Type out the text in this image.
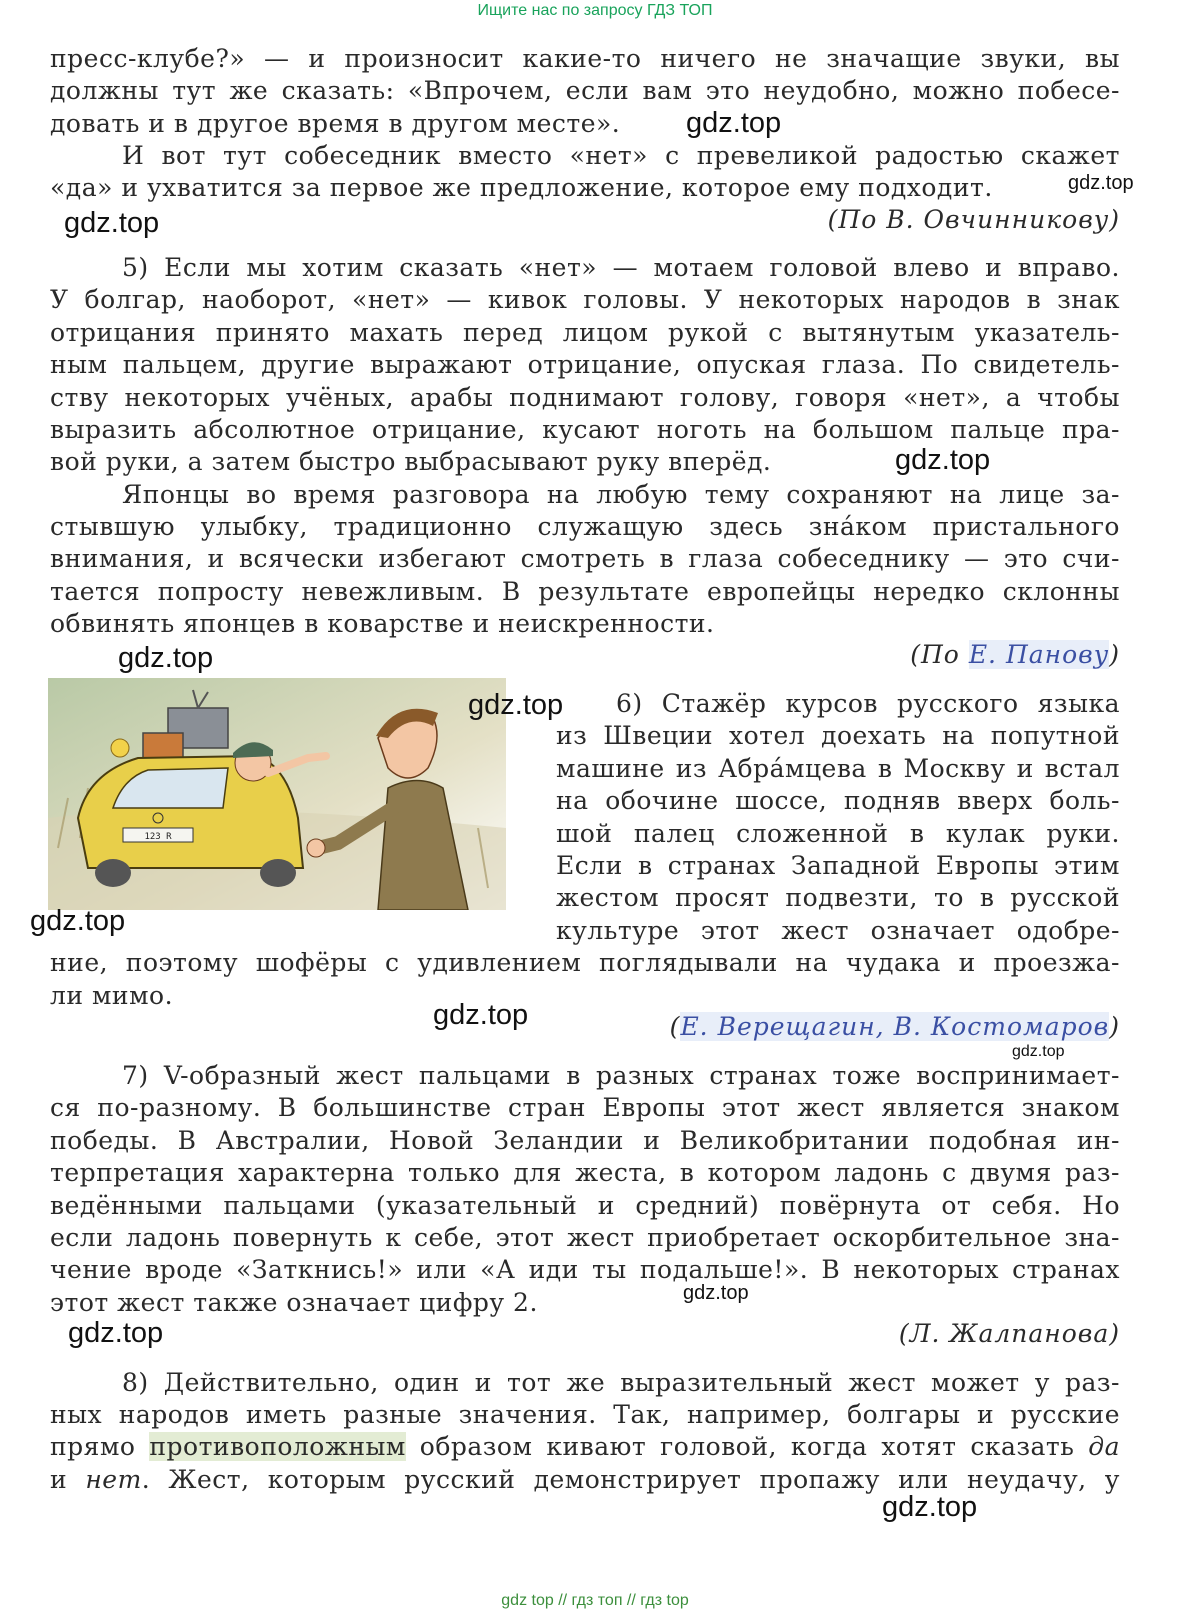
Ищите нас по запросу ГДЗ ТОП
пресс-клубе?» — и произносит какие-то ничего не значащие звуки, вы
должны тут же сказать: «Впрочем, если вам это неудобно, можно побесе-
довать и в другое время в другом месте».
И вот тут собеседник вместо «нет» с превеликой радостью скажет
«да» и ухватится за первое же предложение, которое ему подходит.
(По В. Овчинникову)
5) Если мы хотим сказать «нет» — мотаем головой влево и вправо.
У болгар, наоборот, «нет» — кивок головы. У некоторых народов в знак
отрицания принято махать перед лицом рукой с вытянутым указатель-
ным пальцем, другие выражают отрицание, опуская глаза. По свидетель-
ству некоторых учёных, арабы поднимают голову, говоря «нет», а чтобы
выразить абсолютное отрицание, кусают ноготь на большом пальце пра-
вой руки, а затем быстро выбрасывают руку вперёд.
Японцы во время разговора на любую тему сохраняют на лице за-
стывшую улыбку, традиционно служащую здесь зна́ком пристального
внимания, и всячески избегают смотреть в глаза собеседнику — это счи-
тается попросту невежливым. В результате европейцы нередко склонны
обвинять японцев в коварстве и неискренности.
(По Е. Панову)
123 R
6) Стажёр курсов русского языка
из Швеции хотел доехать на попутной
машине из Абра́мцева в Москву и встал
на обочине шоссе, подняв вверх боль-
шой палец сложенной в кулак руки.
Если в странах Западной Европы этим
жестом просят подвезти, то в русской
культуре этот жест означает одобре-
ние, поэтому шофёры с удивлением поглядывали на чудака и проезжа-
ли мимо.
(Е. Верещагин, В. Костомаров)
7) V-образный жест пальцами в разных странах тоже воспринимает-
ся по-разному. В большинстве стран Европы этот жест является знаком
победы. В Австралии, Новой Зеландии и Великобритании подобная ин-
терпретация характерна только для жеста, в котором ладонь с двумя раз-
ведёнными пальцами (указательный и средний) повёрнута от себя. Но
если ладонь повернуть к себе, этот жест приобретает оскорбительное зна-
чение вроде «Заткнись!» или «А иди ты подальше!». В некоторых странах
этот жест также означает цифру 2.
(Л. Жалпанова)
8) Действительно, один и тот же выразительный жест может у раз-
ных народов иметь разные значения. Так, например, болгары и русские
прямо противоположным образом кивают головой, когда хотят сказать да
и нет. Жест, которым русский демонстрирует пропажу или неудачу, у
gdz.top
gdz.top
gdz.top
gdz.top
gdz.top
gdz.top
gdz.top
gdz.top
gdz.top
gdz.top
gdz.top
gdz.top
gdz top // гдз топ // гдз top
